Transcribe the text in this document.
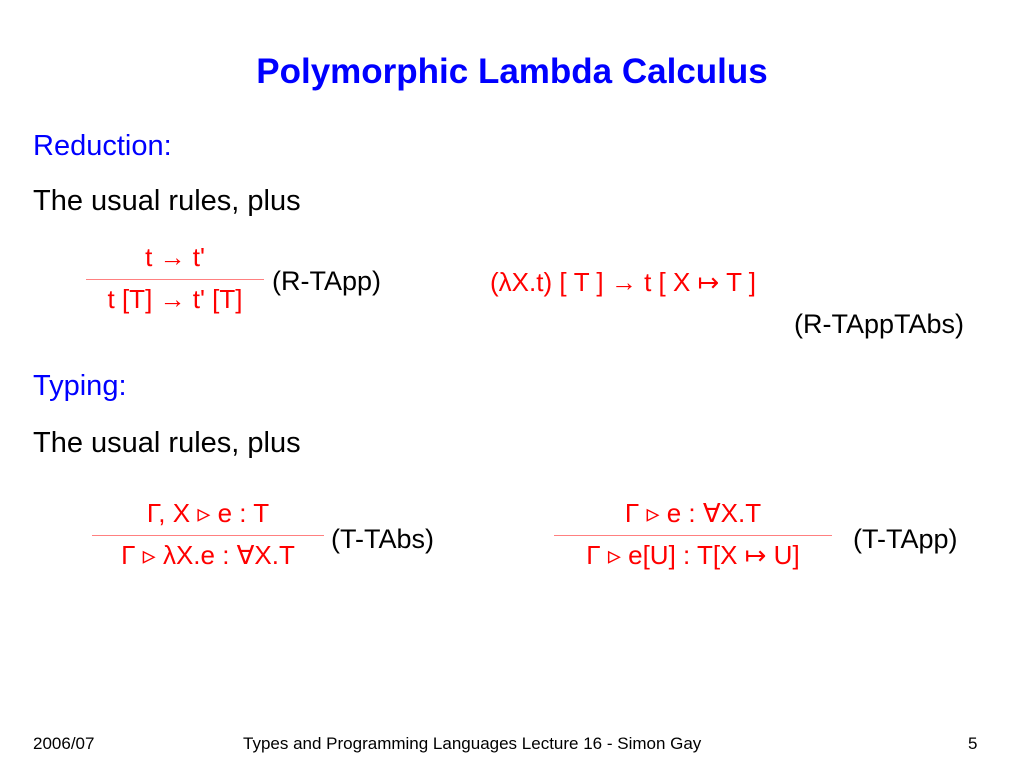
Polymorphic Lambda Calculus
Reduction:
The usual rules, plus
t → t'
t [T] → t' [T]
(R-TApp)	(λX.t) [ T ] → t [ X ↦ T ]
(R-TAppTAbs)
Typing:
The usual rules, plus
Γ, X ▹ e : T
Γ ▹ λX.e : ∀X.T
(T-TAbs)
Γ ▹ e : ∀X.T
Γ ▹ e[U] : T[X ↦ U]
(T-TApp)
2006/07	Types and Programming Languages Lecture 16 - Simon Gay	5
